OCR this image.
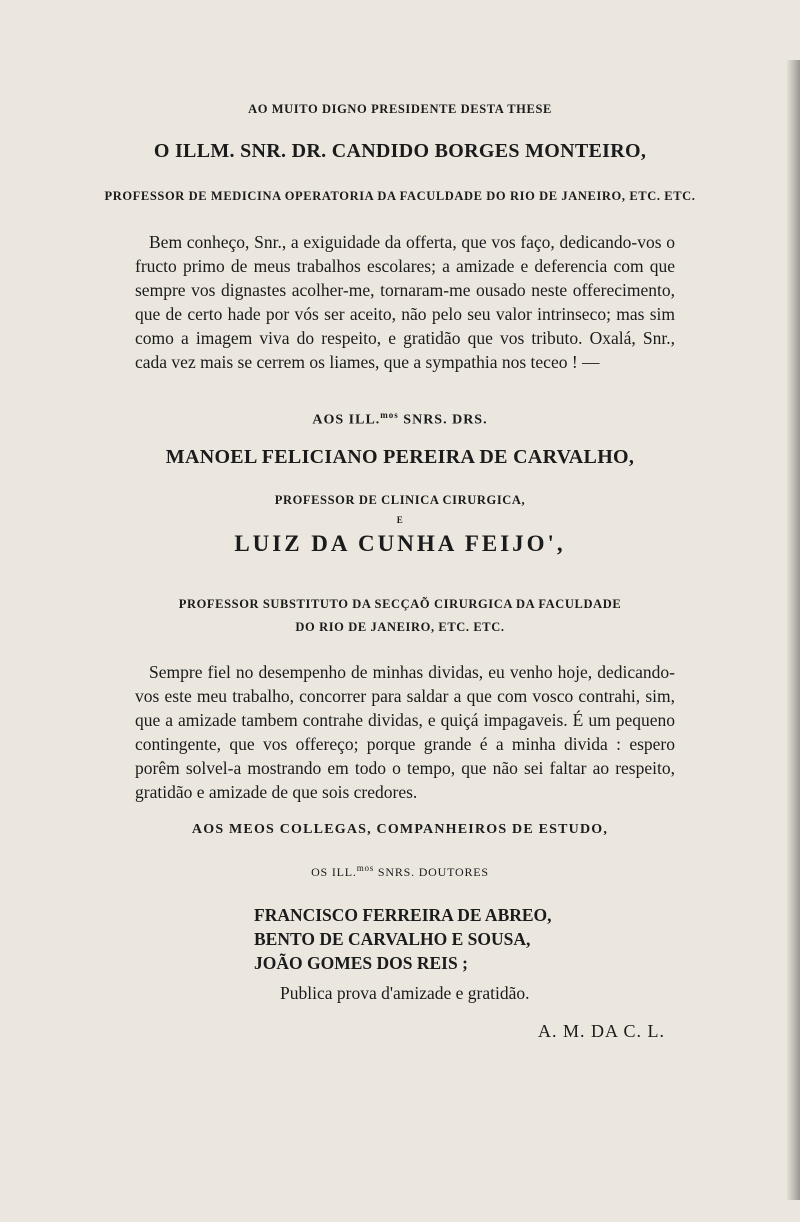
AO MUITO DIGNO PRESIDENTE DESTA THESE
O ILLM. SNR. DR. CANDIDO BORGES MONTEIRO,
PROFESSOR DE MEDICINA OPERATORIA DA FACULDADE DO RIO DE JANEIRO, ETC. ETC.

Bem conheço, Snr., a exiguidade da offerta, que vos faço, dedicando-vos o fructo primo de meus trabalhos escolares; a amizade e deferencia com que sempre vos dignastes acolher-me, tornaram-me ousado neste offerecimento, que de certo hade por vós ser aceito, não pelo seu valor intrinseco; mas sim como a imagem viva do respeito, e gratidão que vos tributo. Oxalá, Snr., cada vez mais se cerrem os liames, que a sympathia nos teceo ! —

AOS ILL.$^{mos}$ SNRS. DRS.
MANOEL FELICIANO PEREIRA DE CARVALHO,
PROFESSOR DE CLINICA CIRURGICA,
E
LUIZ DA CUNHA FEIJO',
PROFESSOR SUBSTITUTO DA SECÇAÕ CIRURGICA DA FACULDADE
DO RIO DE JANEIRO, ETC. ETC.

Sempre fiel no desempenho de minhas dividas, eu venho hoje, dedicando-vos este meu trabalho, concorrer para saldar a que com vosco contrahi, sim, que a amizade tambem contrahe dividas, e quiçá impagaveis. É um pequeno contingente, que vos offereço; porque grande é a minha divida : espero porêm solvel-a mostrando em todo o tempo, que não sei faltar ao respeito, gratidão e amizade de que sois credores.

AOS MEOS COLLEGAS, COMPANHEIROS DE ESTUDO,
OS ILL.$^{mos}$ SNRS. DOUTORES
FRANCISCO FERREIRA DE ABREO,
BENTO DE CARVALHO E SOUSA,
JOÃO GOMES DOS REIS ;
Publica prova d'amizade e gratidão.
A. M. DA C. L.
